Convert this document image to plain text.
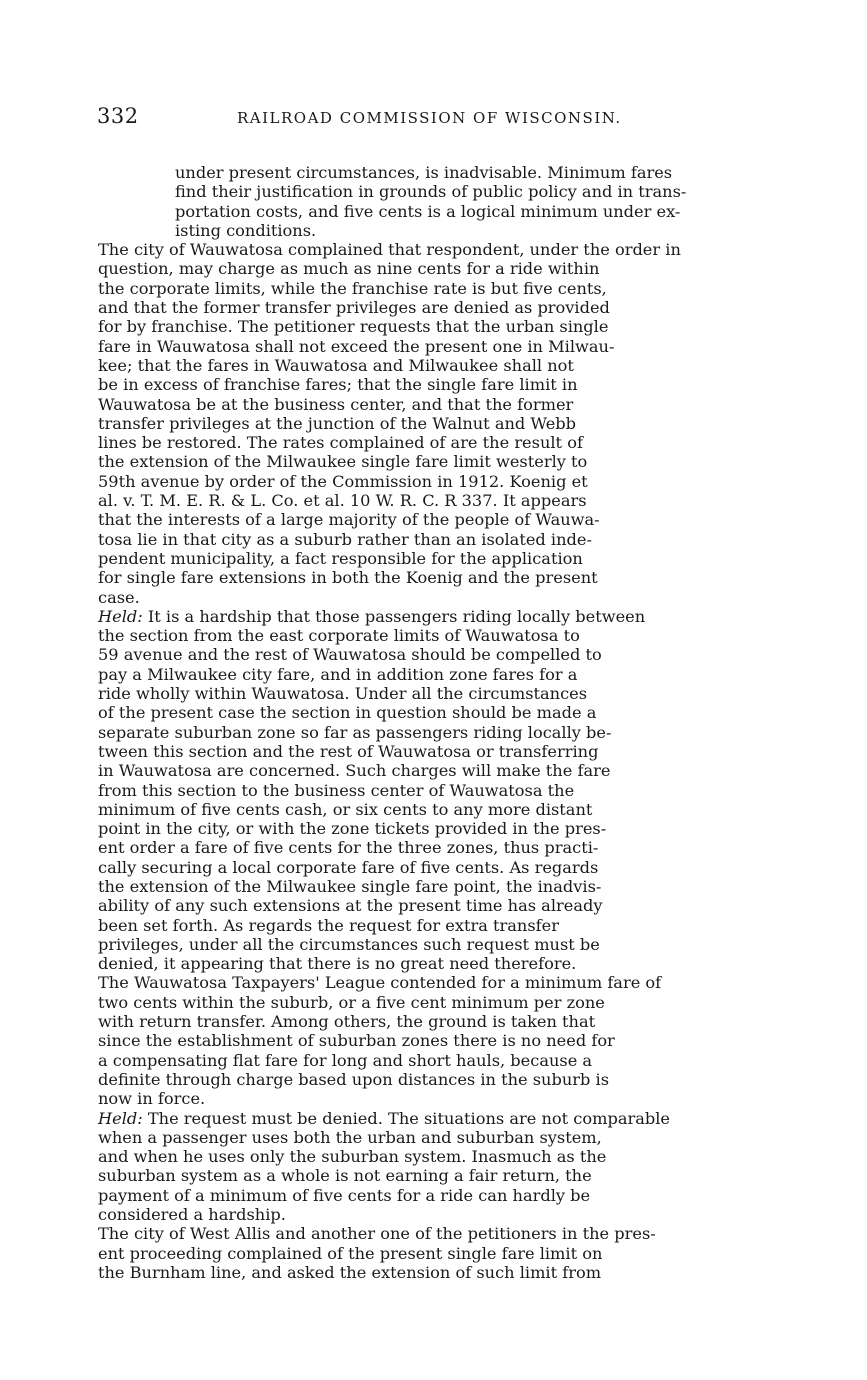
332	RAILROAD COMMISSION OF WISCONSIN.
under present circumstances, is inadvisable. Minimum fares
find their justification in grounds of public policy and in trans-
portation costs, and five cents is a logical minimum under ex-
isting conditions.
The city of Wauwatosa complained that respondent, under the order in
question, may charge as much as nine cents for a ride within
the corporate limits, while the franchise rate is but five cents,
and that the former transfer privileges are denied as provided
for by franchise. The petitioner requests that the urban single
fare in Wauwatosa shall not exceed the present one in Milwau-
kee; that the fares in Wauwatosa and Milwaukee shall not
be in excess of franchise fares; that the single fare limit in
Wauwatosa be at the business center, and that the former
transfer privileges at the junction of the Walnut and Webb
lines be restored. The rates complained of are the result of
the extension of the Milwaukee single fare limit westerly to
59th avenue by order of the Commission in 1912. Koenig et
al. v. T. M. E. R. & L. Co. et al. 10 W. R. C. R 337. It appears
that the interests of a large majority of the people of Wauwa-
tosa lie in that city as a suburb rather than an isolated inde-
pendent municipality, a fact responsible for the application
for single fare extensions in both the Koenig and the present
case.
Held: It is a hardship that those passengers riding locally between
the section from the east corporate limits of Wauwatosa to
59 avenue and the rest of Wauwatosa should be compelled to
pay a Milwaukee city fare, and in addition zone fares for a
ride wholly within Wauwatosa. Under all the circumstances
of the present case the section in question should be made a
separate suburban zone so far as passengers riding locally be-
tween this section and the rest of Wauwatosa or transferring
in Wauwatosa are concerned. Such charges will make the fare
from this section to the business center of Wauwatosa the
minimum of five cents cash, or six cents to any more distant
point in the city, or with the zone tickets provided in the pres-
ent order a fare of five cents for the three zones, thus practi-
cally securing a local corporate fare of five cents. As regards
the extension of the Milwaukee single fare point, the inadvis-
ability of any such extensions at the present time has already
been set forth. As regards the request for extra transfer
privileges, under all the circumstances such request must be
denied, it appearing that there is no great need therefore.
The Wauwatosa Taxpayers' League contended for a minimum fare of
two cents within the suburb, or a five cent minimum per zone
with return transfer. Among others, the ground is taken that
since the establishment of suburban zones there is no need for
a compensating flat fare for long and short hauls, because a
definite through charge based upon distances in the suburb is
now in force.
Held: The request must be denied. The situations are not comparable
when a passenger uses both the urban and suburban system,
and when he uses only the suburban system. Inasmuch as the
suburban system as a whole is not earning a fair return, the
payment of a minimum of five cents for a ride can hardly be
considered a hardship.
The city of West Allis and another one of the petitioners in the pres-
ent proceeding complained of the present single fare limit on
the Burnham line, and asked the extension of such limit from
